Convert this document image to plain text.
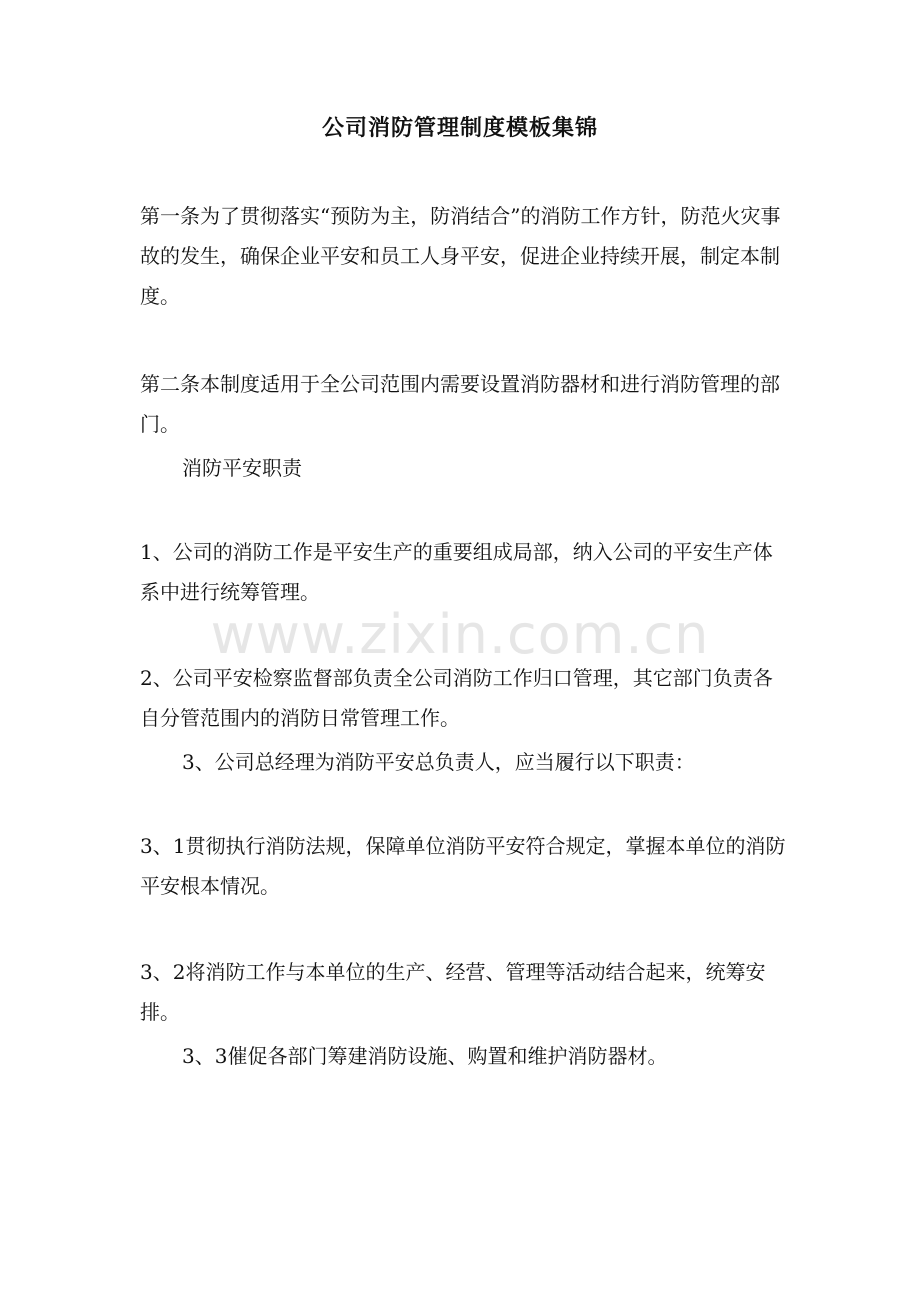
公司消防管理制度模板集锦

第一条为了贯彻落实“预防为主，防消结合”的消防工作方针，防范火灾事故的发生，确保企业平安和员工人身平安，促进企业持续开展，制定本制度。

第二条本制度适用于全公司范围内需要设置消防器材和进行消防管理的部门。

消防平安职责

1、公司的消防工作是平安生产的重要组成局部，纳入公司的平安生产体系中进行统筹管理。

2、公司平安检察监督部负责全公司消防工作归口管理，其它部门负责各自分管范围内的消防日常管理工作。

3、公司总经理为消防平安总负责人，应当履行以下职责：

3、1贯彻执行消防法规，保障单位消防平安符合规定，掌握本单位的消防平安根本情况。

3、2将消防工作与本单位的生产、经营、管理等活动结合起来，统筹安排。

3、3催促各部门筹建消防设施、购置和维护消防器材。

www.zixin.com.cn
